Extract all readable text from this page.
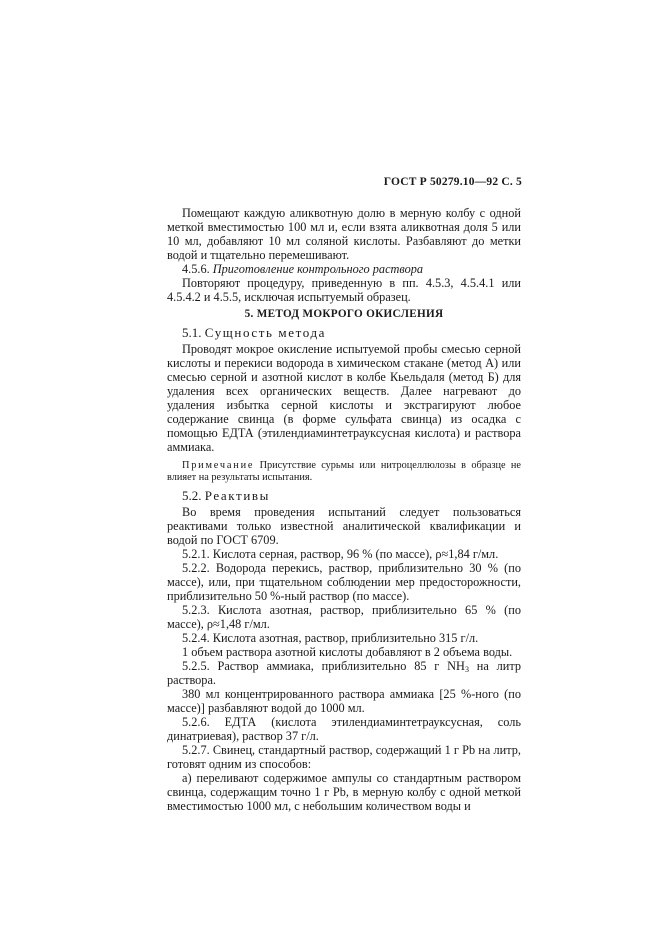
ГОСТ Р 50279.10—92 С. 5

Помещают каждую аликвотную долю в мерную колбу с одной меткой вместимостью 100 мл и, если взята аликвотная доля 5 или 10 мл, добавляют 10 мл соляной кислоты. Разбавляют до метки водой и тщательно перемешивают.

4.5.6. Приготовление контрольного раствора

Повторяют процедуру, приведенную в пп. 4.5.3, 4.5.4.1 или 4.5.4.2 и 4.5.5, исключая испытуемый образец.

5. МЕТОД МОКРОГО ОКИСЛЕНИЯ

5.1. Сущность метода

Проводят мокрое окисление испытуемой пробы смесью серной кислоты и перекиси водорода в химическом стакане (метод А) или смесью серной и азотной кислот в колбе Кьельдаля (метод Б) для удаления всех органических веществ. Далее нагревают до удаления избытка серной кислоты и экстрагируют любое содержание свинца (в форме сульфата свинца) из осадка с помощью ЕДТА (этилендиаминтетрауксусная кислота) и раствора аммиака.

Примечание Присутствие сурьмы или нитроцеллюлозы в образце не влияет на результаты испытания.

5.2. Реактивы

Во время проведения испытаний следует пользоваться реактивами только известной аналитической квалификации и водой по ГОСТ 6709.

5.2.1. Кислота серная, раствор, 96 % (по массе), ρ≈1,84 г/мл.

5.2.2. Водорода перекись, раствор, приблизительно 30 % (по массе), или, при тщательном соблюдении мер предосторожности, приблизительно 50 %-ный раствор (по массе).

5.2.3. Кислота азотная, раствор, приблизительно 65 % (по массе), ρ≈1,48 г/мл.

5.2.4. Кислота азотная, раствор, приблизительно 315 г/л.

1 объем раствора азотной кислоты добавляют в 2 объема воды.

5.2.5. Раствор аммиака, приблизительно 85 г $NH_3$ на литр раствора.

380 мл концентрированного раствора аммиака [25 %-ного (по массе)] разбавляют водой до 1000 мл.

5.2.6. ЕДТА (кислота этилендиаминтетрауксусная, соль динатриевая), раствор 37 г/л.

5.2.7. Свинец, стандартный раствор, содержащий 1 г Pb на литр, готовят одним из способов:

а) переливают содержимое ампулы со стандартным раствором свинца, содержащим точно 1 г Pb, в мерную колбу с одной меткой вместимостью 1000 мл, с небольшим количеством воды и
